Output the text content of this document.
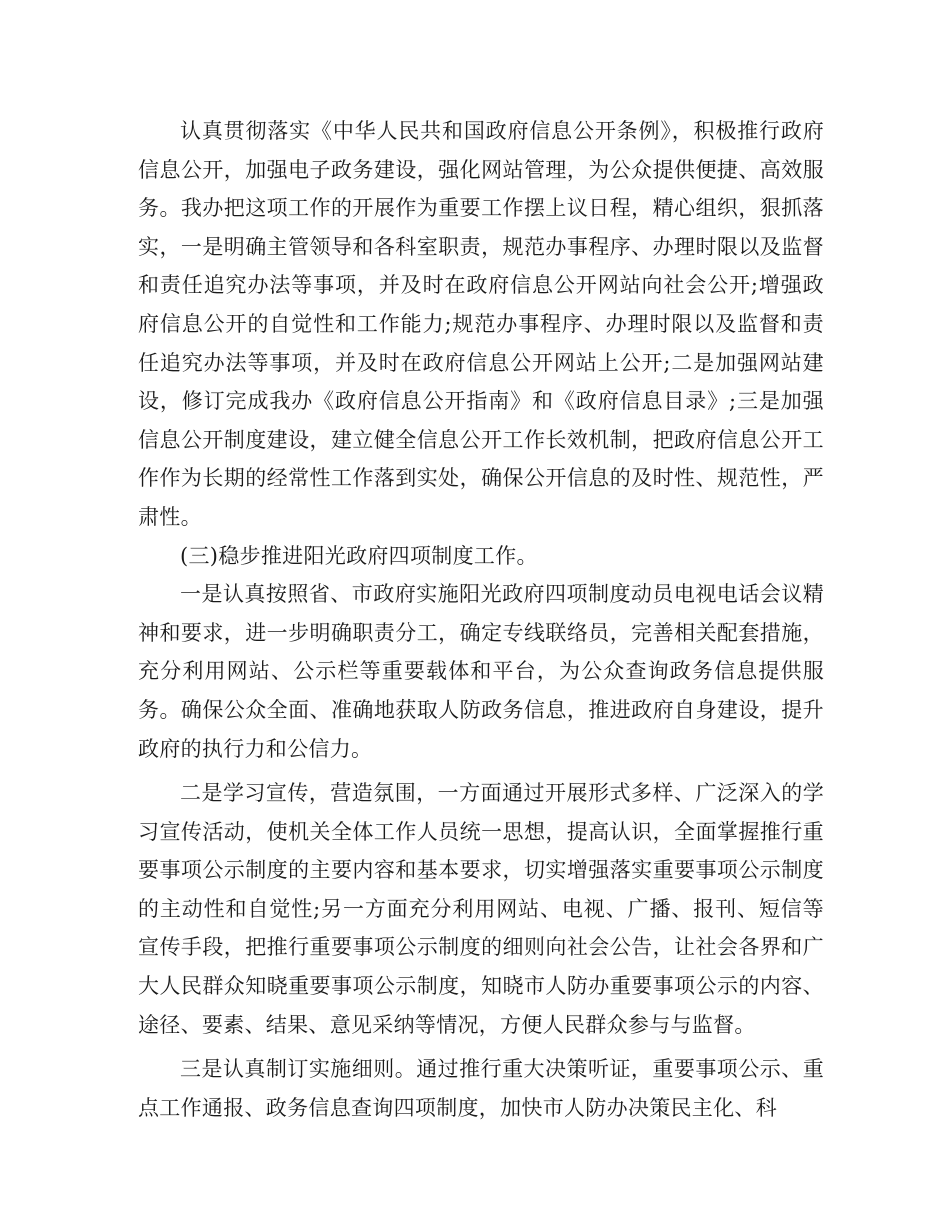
认真贯彻落实《中华人民共和国政府信息公开条例》，积极推行政府信息公开，加强电子政务建设，强化网站管理，为公众提供便捷、高效服务。我办把这项工作的开展作为重要工作摆上议日程，精心组织，狠抓落实，一是明确主管领导和各科室职责，规范办事程序、办理时限以及监督和责任追究办法等事项，并及时在政府信息公开网站向社会公开;增强政府信息公开的自觉性和工作能力;规范办事程序、办理时限以及监督和责任追究办法等事项，并及时在政府信息公开网站上公开;二是加强网站建设，修订完成我办《政府信息公开指南》和《政府信息目录》;三是加强信息公开制度建设，建立健全信息公开工作长效机制，把政府信息公开工作作为长期的经常性工作落到实处，确保公开信息的及时性、规范性，严肃性。

(三)稳步推进阳光政府四项制度工作。

一是认真按照省、市政府实施阳光政府四项制度动员电视电话会议精神和要求，进一步明确职责分工，确定专线联络员，完善相关配套措施，充分利用网站、公示栏等重要载体和平台，为公众查询政务信息提供服务。确保公众全面、准确地获取人防政务信息，推进政府自身建设，提升政府的执行力和公信力。

二是学习宣传，营造氛围，一方面通过开展形式多样、广泛深入的学习宣传活动，使机关全体工作人员统一思想，提高认识，全面掌握推行重要事项公示制度的主要内容和基本要求，切实增强落实重要事项公示制度的主动性和自觉性;另一方面充分利用网站、电视、广播、报刊、短信等宣传手段，把推行重要事项公示制度的细则向社会公告，让社会各界和广大人民群众知晓重要事项公示制度，知晓市人防办重要事项公示的内容、途径、要素、结果、意见采纳等情况，方便人民群众参与与监督。

三是认真制订实施细则。通过推行重大决策听证，重要事项公示、重点工作通报、政务信息查询四项制度，加快市人防办决策民主化、科
